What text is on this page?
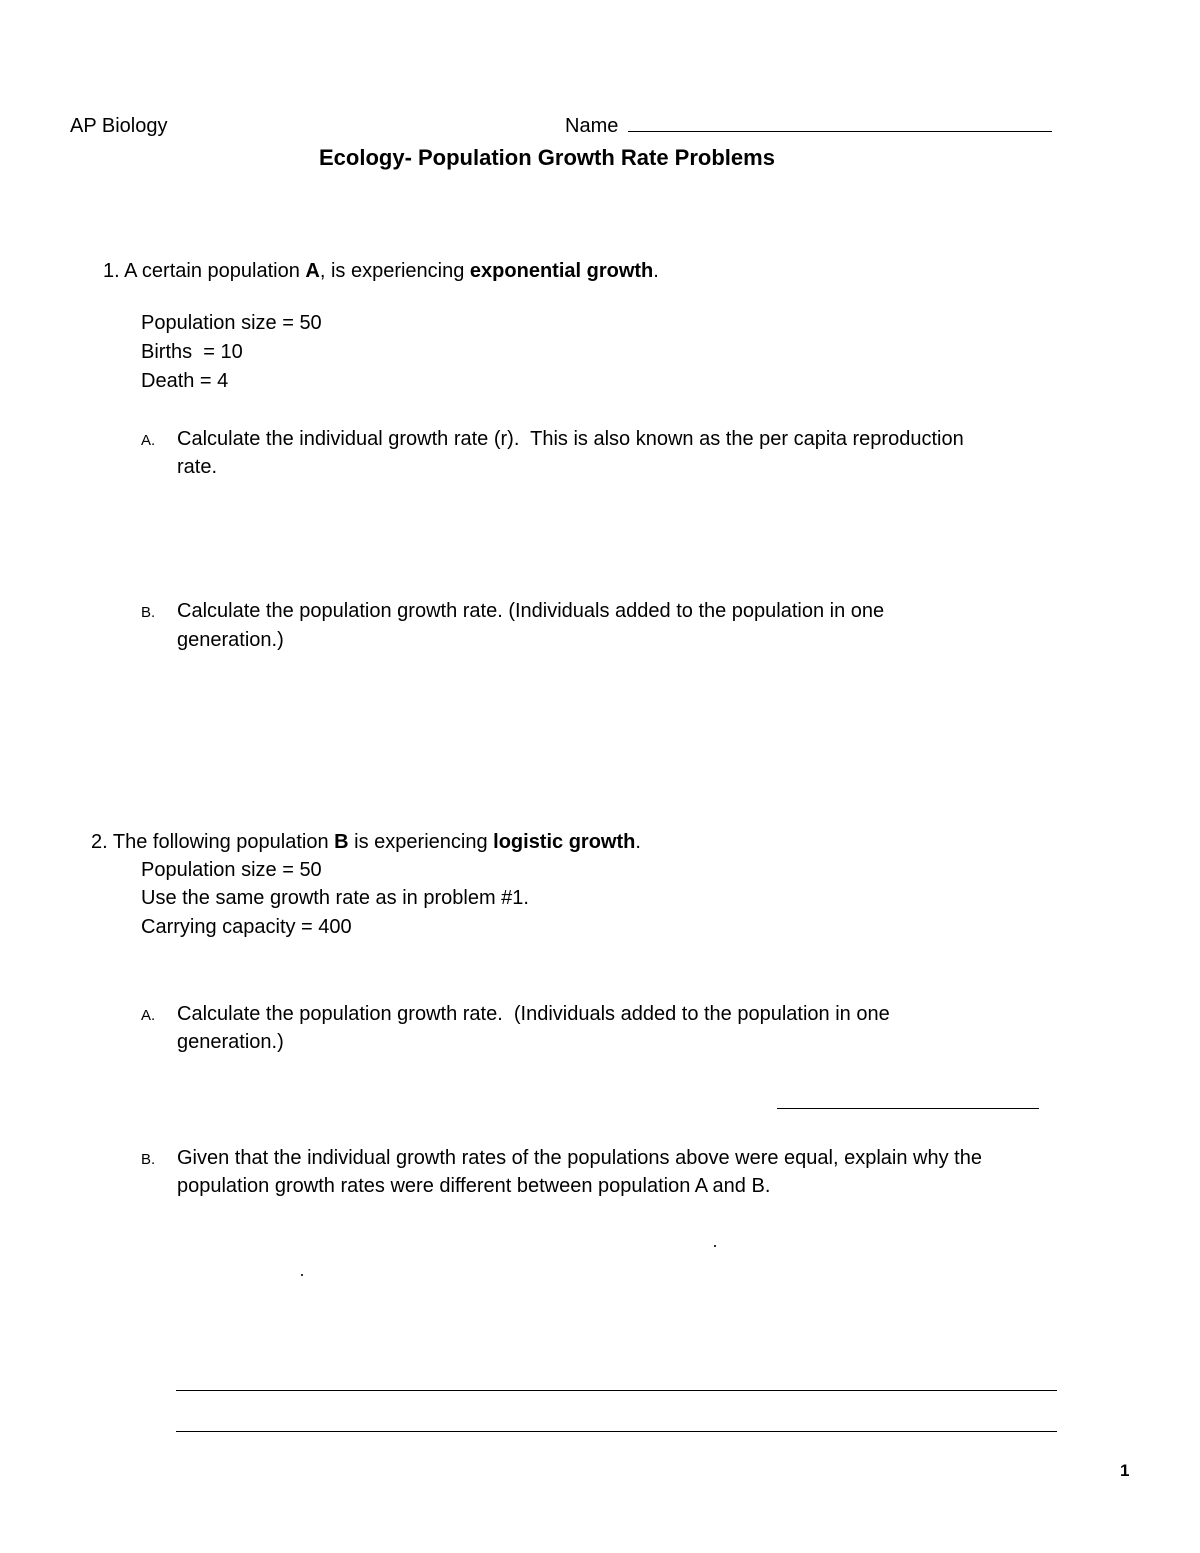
AP Biology	Name
Ecology- Population Growth Rate Problems
1. A certain population A, is experiencing exponential growth.
Population size = 50
Births  = 10
Death = 4
A. Calculate the individual growth rate (r).  This is also known as the per capita reproduction
rate.
B. Calculate the population growth rate. (Individuals added to the population in one
generation.)
2. The following population B is experiencing logistic growth.
Population size = 50
Use the same growth rate as in problem #1.
Carrying capacity = 400
A. Calculate the population growth rate.  (Individuals added to the population in one
generation.)
B. Given that the individual growth rates of the populations above were equal, explain why the
population growth rates were different between population A and B.
1
